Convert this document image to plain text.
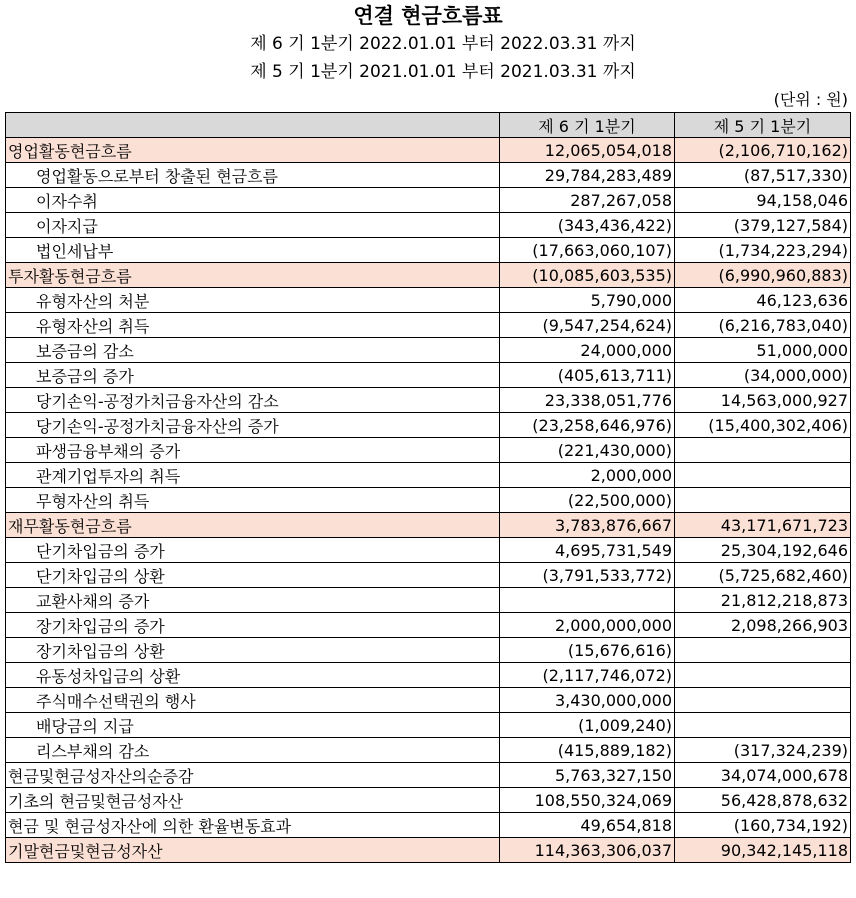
연결 현금흐름표
제 6 기 1분기 2022.01.01 부터 2022.03.31 까지
제 5 기 1분기 2021.01.01 부터 2021.03.31 까지
(단위 : 원)
	제 6 기 1분기	제 5 기 1분기
영업활동현금흐름	12,065,054,018	(2,106,710,162)
영업활동으로부터 창출된 현금흐름	29,784,283,489	(87,517,330)
이자수취	287,267,058	94,158,046
이자지급	(343,436,422)	(379,127,584)
법인세납부	(17,663,060,107)	(1,734,223,294)
투자활동현금흐름	(10,085,603,535)	(6,990,960,883)
유형자산의 처분	5,790,000	46,123,636
유형자산의 취득	(9,547,254,624)	(6,216,783,040)
보증금의 감소	24,000,000	51,000,000
보증금의 증가	(405,613,711)	(34,000,000)
당기손익-공정가치금융자산의 감소	23,338,051,776	14,563,000,927
당기손익-공정가치금융자산의 증가	(23,258,646,976)	(15,400,302,406)
파생금융부채의 증가	(221,430,000)	
관계기업투자의 취득	2,000,000	
무형자산의 취득	(22,500,000)	
재무활동현금흐름	3,783,876,667	43,171,671,723
단기차입금의 증가	4,695,731,549	25,304,192,646
단기차입금의 상환	(3,791,533,772)	(5,725,682,460)
교환사채의 증가		21,812,218,873
장기차입금의 증가	2,000,000,000	2,098,266,903
장기차입금의 상환	(15,676,616)	
유동성차입금의 상환	(2,117,746,072)	
주식매수선택권의 행사	3,430,000,000	
배당금의 지급	(1,009,240)	
리스부채의 감소	(415,889,182)	(317,324,239)
현금및현금성자산의순증감	5,763,327,150	34,074,000,678
기초의 현금및현금성자산	108,550,324,069	56,428,878,632
현금 및 현금성자산에 의한 환율변동효과	49,654,818	(160,734,192)
기말현금및현금성자산	114,363,306,037	90,342,145,118
